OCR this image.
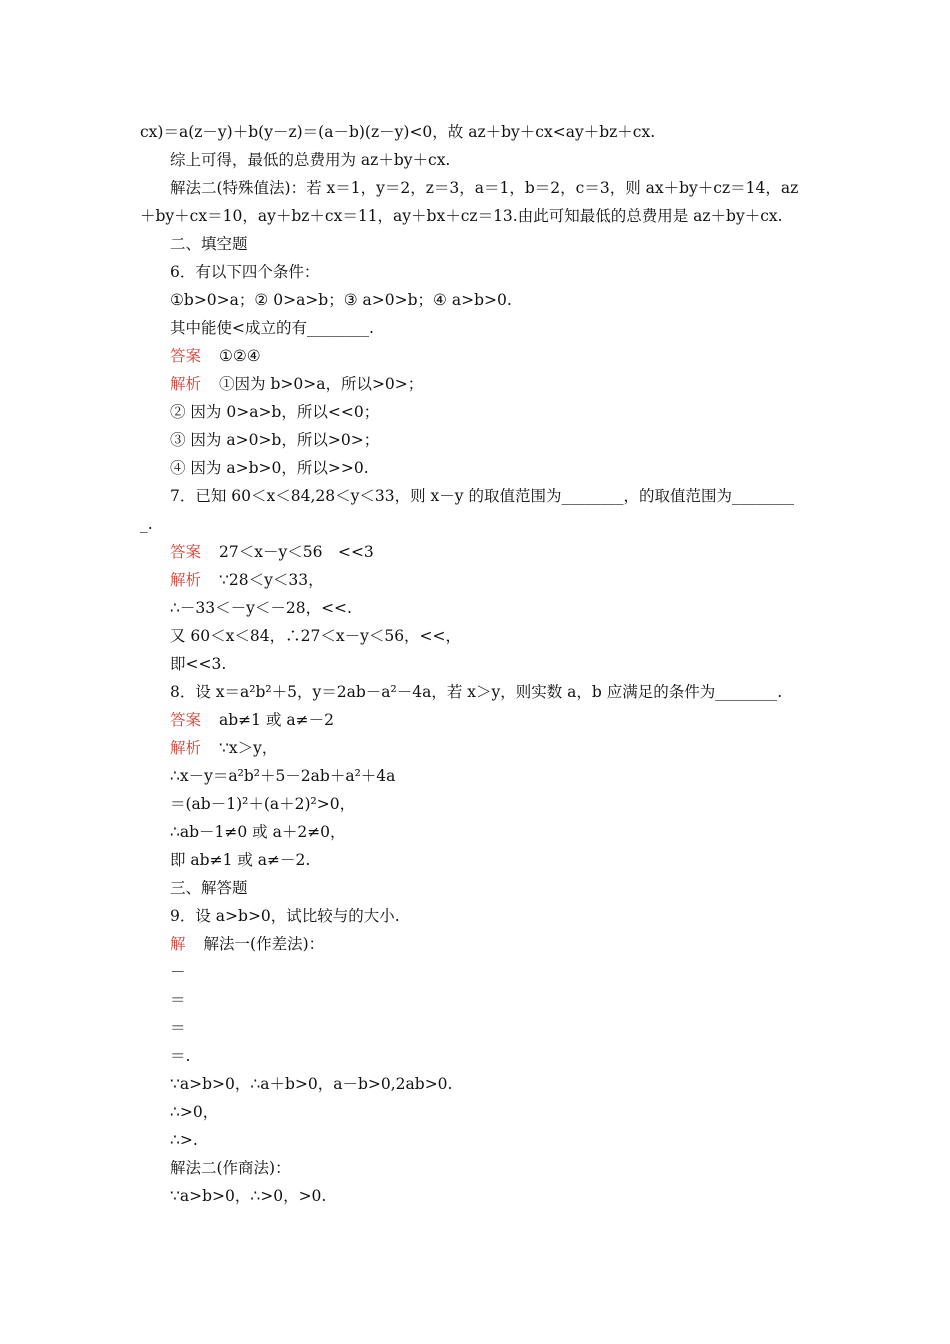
cx)＝a(z－y)＋b(y－z)＝(a－b)(z－y)<0，故 az＋by＋cx<ay＋bz＋cx.
综上可得，最低的总费用为 az＋by＋cx.
解法二(特殊值法)：若 x＝1，y＝2，z＝3，a＝1，b＝2，c＝3，则 ax＋by＋cz＝14，az
＋by＋cx＝10，ay＋bz＋cx＝11，ay＋bx＋cz＝13.由此可知最低的总费用是 az＋by＋cx.
二、填空题
6．有以下四个条件：
①b>0>a；② 0>a>b；③ a>0>b；④ a>b>0.
其中能使<成立的有________.
答案 ①②④
解析 ①因为 b>0>a，所以>0>；
② 因为 0>a>b，所以<<0；
③ 因为 a>0>b，所以>0>；
④ 因为 a>b>0，所以>>0.
7．已知 60＜x＜84,28＜y＜33，则 x－y 的取值范围为________，的取值范围为________
_.
答案 27＜x－y＜56　<<3
解析 ∵28＜y＜33，
∴－33＜－y＜－28，<<.
又 60＜x＜84，∴27＜x－y＜56，<<，
即<<3.
8．设 x＝a²b²＋5，y＝2ab－a²－4a，若 x＞y，则实数 a，b 应满足的条件为________.
答案 ab≠1 或 a≠－2
解析 ∵x＞y，
∴x－y＝a²b²＋5－2ab＋a²＋4a
＝(ab－1)²＋(a＋2)²>0，
∴ab－1≠0 或 a＋2≠0，
即 ab≠1 或 a≠－2.
三、解答题
9．设 a>b>0，试比较与的大小.
解 解法一(作差法)：
－
＝
＝
＝.
∵a>b>0，∴a＋b>0，a－b>0,2ab>0.
∴>0，
∴>.
解法二(作商法)：
∵a>b>0，∴>0，>0.
